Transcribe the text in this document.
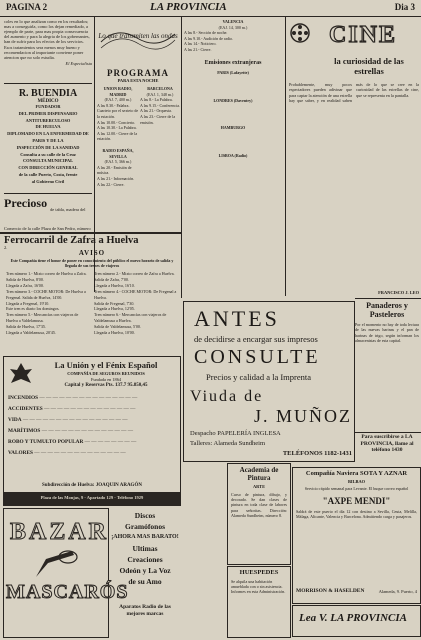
PAGINA 2	LA PROVINCIA	Dia 3

coles en lo que analizan como en los resultados; mas a conseguirla, como los dejan remediado, a ejemplo de parte, para mas propia consecuencia del aumento y para la alegria de los gobernantes, han de sufrir para los efectos de los servicios.

Esos tratamientos sera menos muy bueno y recomendacion al importante conviene poner atencion que no solo estudia.

El Especialista

R. BUENDIA
MÉDICO
FUNDADOR
DEL PRIMER DISPENSARIO
ANTITUBERCULOSO
DE HUELVA
DIPLOMADO EN LA ENFERMEDAD DE PARIS Y DE LA
INSPECCIÓN DE LA SANIDAD
Consulta a su calle de la Cruz
CONSULTA MUNICIPAL
CON DIRECCIÓN GENERAL
de la calle Puerto, Costa, frente
al Gobierno Civil
Precioso de tabla, madera del Comercio de la calle Plaza de San Pedro, número 2.
Ferrocarril de Zafra a Huelva
AVISO
Este Compañía tiene el honor de poner en conocimiento del público el nuevo horario de salida y llegada de sus trenes de viajeros
Tren número 1.- Mixto correo de Huelva a Zafra. Salida de Huelva, 8'00.
Llegada a Zafra, 16'00.
Tren número 3.- COCHE MOTOR: De Huelva a Fregenal. Salida de Huelva, 14'00.
Llegada a Fregenal, 19'10.
Este tren es diario los domingos.
Tren número 5.- Mercancías con viajeros de Huelva a Valdelamusa.
Salida de Huelva, 17'35.
Llegada a Valdelamusa, 20'45.
Tren número 2.- Mixto correo de Zafra a Huelva. Salida de Zafra, 7'00.
Llegada a Huelva, 16'10.
Tren número 4.- COCHE MOTOR: De Fregenal a Huelva.
Salida de Fregenal, 7'30.
Llegada a Huelva, 12'05.
Tren número 6.- Mercancías con viajeros de Valdelamusa a Huelva.
Salida de Valdelamusa, 5'00.
Llegada a Huelva, 10'00.
La Unión y el Fénix Español
COMPAÑÍA DE SEGUROS REUNIDOS
Fundada en 1864
Capital y Reservas Pts. 137.7 95.850,45
INCENDIOS — — — — — — — — — — — — — — —
ACCIDENTES — — — — — — — — — — — — — —
VIDA — — — — — — — — — — — — — — — —
MARÍTIMOS — — — — — — — — — — — — — —
ROBO Y TUMULTO POPULAR — — — — — — — —
VALORES — — — — — — — — — — — — — —
Subdirección de Huelva: JOAQUIN ARAGÓN
Plaza de las Monjas, 9 - Apartado 129 - Teléfono 1929
BAZAR
MASCARÓS
Discos
Gramófonos
¡AHORA MAS BARATO!
Ultimas
Creaciones
Odeón y La Voz
de su Amo
Aparatos Radio de las mejores marcas
Lo que transmiten las ondas
PROGRAMA
PARA ESTA NOCHE
UNION RADIO, MADRID
(EAJ. 7, 400 m.)
A las 8.30.- Palabra.
Cuarteto por el sexteto de la estación.
A las 10.00.- Concierto.
A las 10.30.- La Palabra.
A las 12.00.- Cierre de la estación.
RADIO ESPAÑA, SEVILLA
(EAJ. 5, 366 m.)
A las 20.- Emisión de música.
A las 21.- Información.
A las 22.- Cierre.
BARCELONA
(EAJ. 1, 348 m.)
A las 8.- La Palabra.
A las 9.15.- Conferencia.
A las 21.- Orquesta.
A las 23.- Cierre de la emisión.
VALENCIA
(EAJ. 14, 300 m.)
A las 8.- Sección de noche.
A las 9.10.- Audición de radio.
A las 14.- Noticiero.
A las 21.- Cierre.
Emisiones extranjeras
PARIS (Lafayette)
LONDRES (Daventry)
HAMBURGO
LISBOA (Radio)
CINE
la curiosidad de las estrellas
Probablemente, muy pocos espectadores pueden adivinar que para captar la atención de una estrella hay que saber, y en realidad saben más de lo que se cree en la curiosidad de las estrellas de cine, que se representa en la pantalla.
FRANCISCO J. LEO
Panaderos y Pasteleros
Por el momento no hay de toda lectura de las nuevas harinas y el pan de harinas de trigo, según informan los almacenistas de esta capital.
Para suscribirse a LA PROVINCIA, llame al teléfono 1430
ANTES
de decidirse a encargar sus impresos
CONSULTE
Precios y calidad a la Imprenta
Viuda de
J. MUÑOZ
Despacho PAPELERÍA INGLESA
Talleres: Alameda Sundheim
TELÉFONOS 1182-1431
Academia de Pintura
ARTE
Curso de pintura, dibujo, y decorado. Se dan clases de pintura en toda clase de labores para señoritas. Dirección: Alameda Sundheim, número 8.
HUESPEDES
Se alquila una habitación amueblada con o sin asistencia. Informes en esta Administración.
Compañía Naviera SOTA Y AZNAR
BILBAO
Servicio rápido semanal para Levante. El buque correo español
"AXPE MENDI"
Saldrá de este puerto el día 12 con destino a Sevilla, Ceuta, Melilla, Málaga, Alicante, Valencia y Barcelona. Admitiendo carga y pasajeros.
MORRISON & HASELDEN	Alameda, 9. Puerto, 4
Lea V. LA PROVINCIA
